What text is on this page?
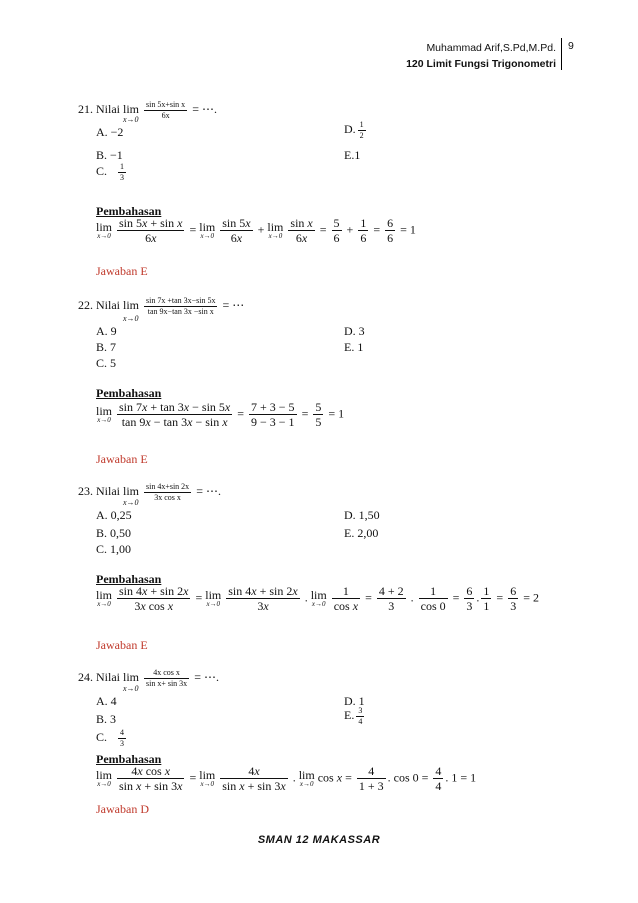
Muhammad Arif,S.Pd,M.Pd.
120 Limit Fungsi Trigonometri
9
21. Nilai $\lim \frac{\text{sin 5x+sin x}}{6x}$ = ⋯.
x→0
A. −2	D. $\frac{1}{2}$
B. −1	E.1
C. $\frac{1}{3}$
Pembahasan
lim
x→0
$\frac{\text{sin 5x + sin x}}{6x} = \lim$
x→0
$\frac{\sin 5x}{6x} + \lim$
x→0
$\frac{\text{sin x}}{6x} = \frac{5}{6} + \frac{1}{6} = \frac{6}{6} = 1$
Jawaban E
22. Nilai $\lim \frac{\sin 7x +\tan 3x-\sin 5x}{\text{tan 9x−tan 3x −sin x}}$ = ⋯
x→0
A. 9	D. 3
B. 7	E. 1
C. 5
Pembahasan
lim
x→0
$\frac{\sin 7x + \tan 3x - \sin 5x}{\text{tan 9x − tan 3x − sin x}} = \frac{7 + 3 - 5}{9 - 3 - 1} = \frac{5}{5} = 1$
Jawaban E
23. Nilai $\lim \frac{\sin 4x+\sin 2x}{\text{3x cos x}}$ = ⋯.
x→0
A. 0,25	D. 1,50
B. 0,50	E. 2,00
C. 1,00
Pembahasan
lim
x→0
$\frac{\sin 4x + \sin 2x}{\text{3x cos x}} = \lim$
x→0
$\frac{\sin 4x + \sin 2x}{3x}$ . lim
x→0
$\frac{1}{\text{cos x}} = \frac{4 + 2}{3}$ . $\frac{1}{\cos 0} = \frac{6}{3}$ . $\frac{1}{1} = \frac{6}{3} = 2$
Jawaban E
24. Nilai $\lim \frac{\text{4x cos x}}{\text{sin x+ sin 3x}}$ = ⋯.
x→0
A. 4	D. 1
B. 3	E. $\frac{3}{4}$
C. $\frac{4}{3}$
Pembahasan
lim
x→0
$\frac{\text{4x cos x}}{\text{sin x + sin 3x}} = \lim$
x→0
$\frac{4x}{\text{sin x + sin 3x}}$ . lim
x→0 $\cos x = \frac{4}{1 + 3}$ . $\cos 0 = \frac{4}{4}$ . 1 = 1
Jawaban D
SMAN 12 MAKASSAR
